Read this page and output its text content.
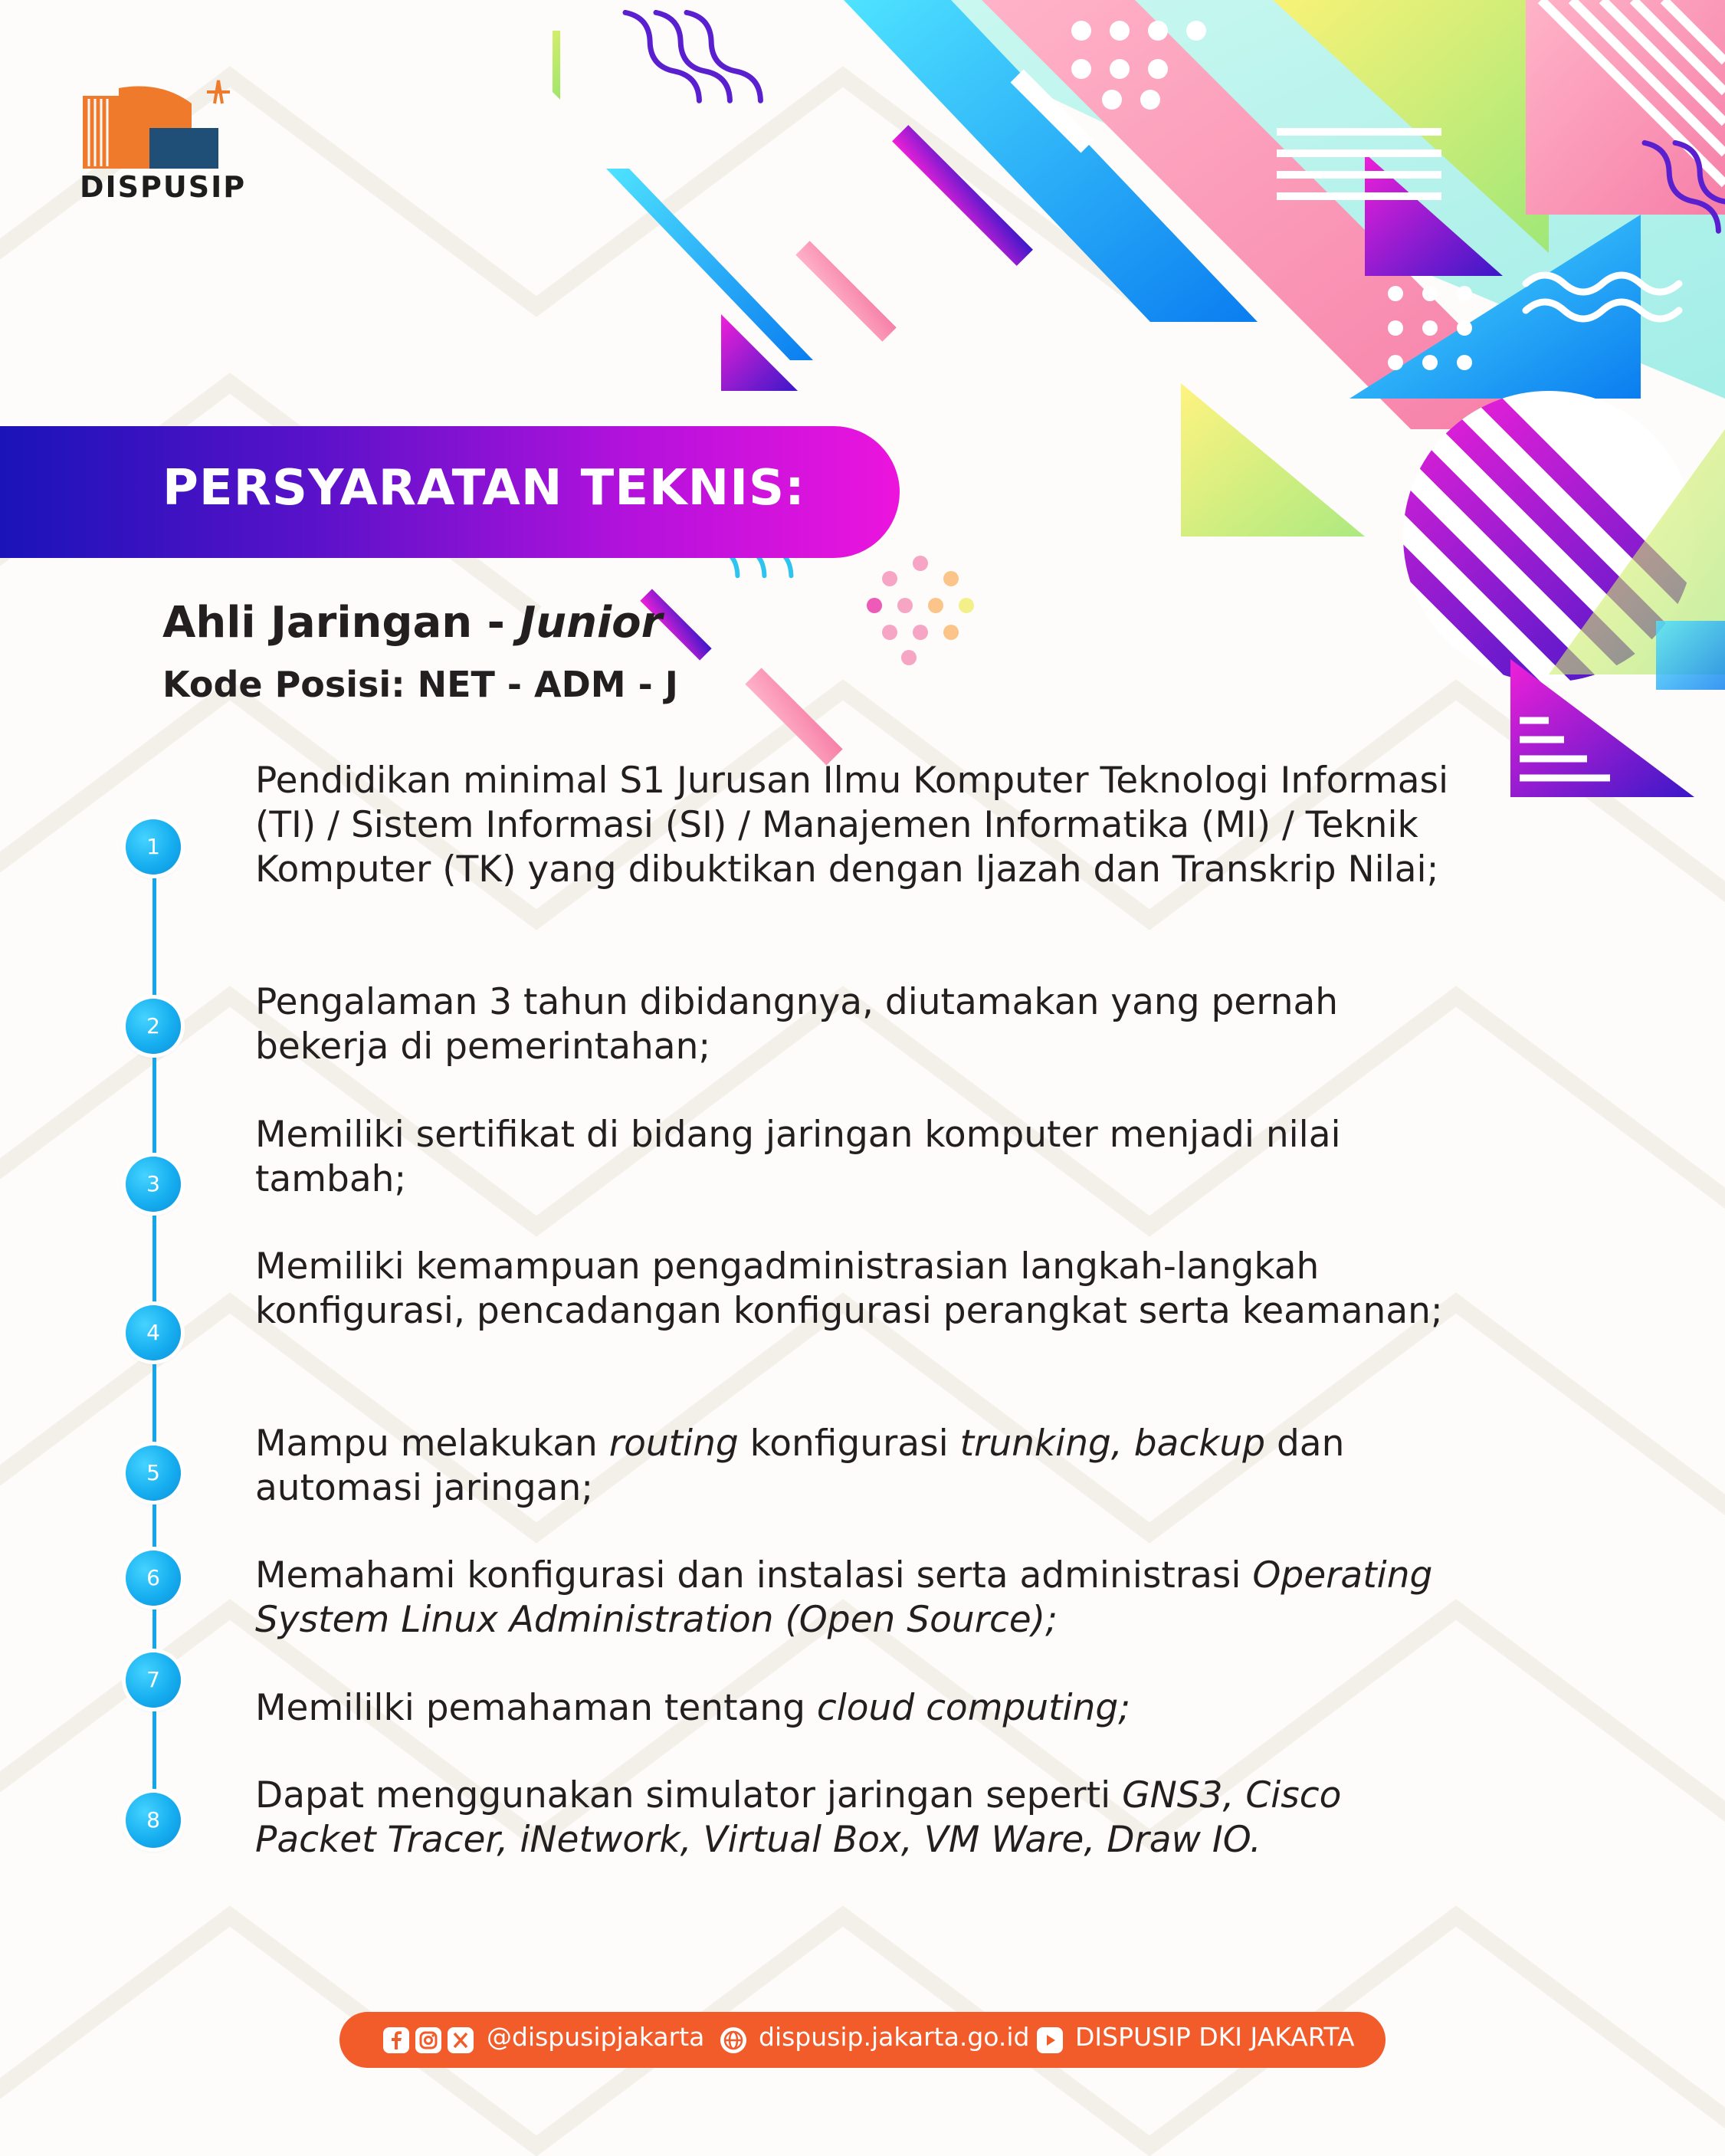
DISPUSIP
PERSYARATAN TEKNIS:
Ahli Jaringan - Junior
Kode Posisi: NET - ADM - J
1
2
3
4
5
6
7
8
Pendidikan minimal S1 Jurusan Ilmu Komputer Teknologi Informasi (TI) / Sistem Informasi (SI) / Manajemen Informatika (MI) / Teknik Komputer (TK) yang dibuktikan dengan Ijazah dan Transkrip Nilai;
Pengalaman 3 tahun dibidangnya, diutamakan yang pernah bekerja di pemerintahan;
Memiliki sertifikat di bidang jaringan komputer menjadi nilai tambah;
Memiliki kemampuan pengadministrasian langkah-langkah konfigurasi, pencadangan konfigurasi perangkat serta keamanan;
Mampu melakukan routing konfigurasi trunking, backup dan automasi jaringan;
Memahami konfigurasi dan instalasi serta administrasi Operating System Linux Administration (Open Source);
Memililki pemahaman tentang cloud computing;
Dapat menggunakan simulator jaringan seperti GNS3, Cisco Packet Tracer, iNetwork, Virtual Box, VM Ware, Draw IO.
@dispusipjakarta dispusip.jakarta.go.id DISPUSIP DKI JAKARTA
